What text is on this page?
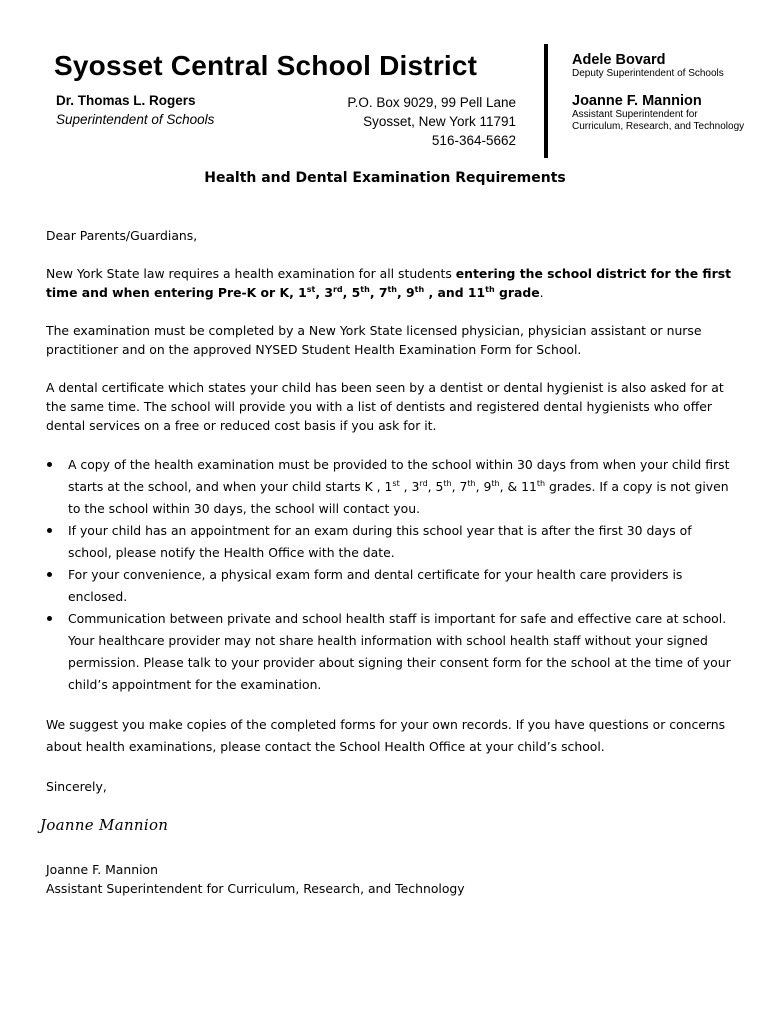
Syosset Central School District
Dr. Thomas L. Rogers
Superintendent of Schools
P.O. Box 9029, 99 Pell Lane
Syosset, New York 11791
516-364-5662
Adele Bovard
Deputy Superintendent of Schools
Joanne F. Mannion
Assistant Superintendent for
Curriculum, Research, and Technology
Health and Dental Examination Requirements

Dear Parents/Guardians,

New York State law requires a health examination for all students entering the school district for the first time and when entering Pre-K or K, 1st, 3rd, 5th, 7th, 9th , and 11th grade.

The examination must be completed by a New York State licensed physician, physician assistant or nurse practitioner and on the approved NYSED Student Health Examination Form for School.

A dental certificate which states your child has been seen by a dentist or dental hygienist is also asked for at the same time. The school will provide you with a list of dentists and registered dental hygienists who offer dental services on a free or reduced cost basis if you ask for it.

A copy of the health examination must be provided to the school within 30 days from when your child first starts at the school, and when your child starts K , 1st , 3rd, 5th, 7th, 9th, & 11th grades. If a copy is not given to the school within 30 days, the school will contact you.
If your child has an appointment for an exam during this school year that is after the first 30 days of school, please notify the Health Office with the date.
For your convenience, a physical exam form and dental certificate for your health care providers is enclosed.
Communication between private and school health staff is important for safe and effective care at school. Your healthcare provider may not share health information with school health staff without your signed permission. Please talk to your provider about signing their consent form for the school at the time of your child’s appointment for the examination.

We suggest you make copies of the completed forms for your own records. If you have questions or concerns about health examinations, please contact the School Health Office at your child’s school.

Sincerely,

Joanne Mannion
Joanne F. Mannion
Assistant Superintendent for Curriculum, Research, and Technology
